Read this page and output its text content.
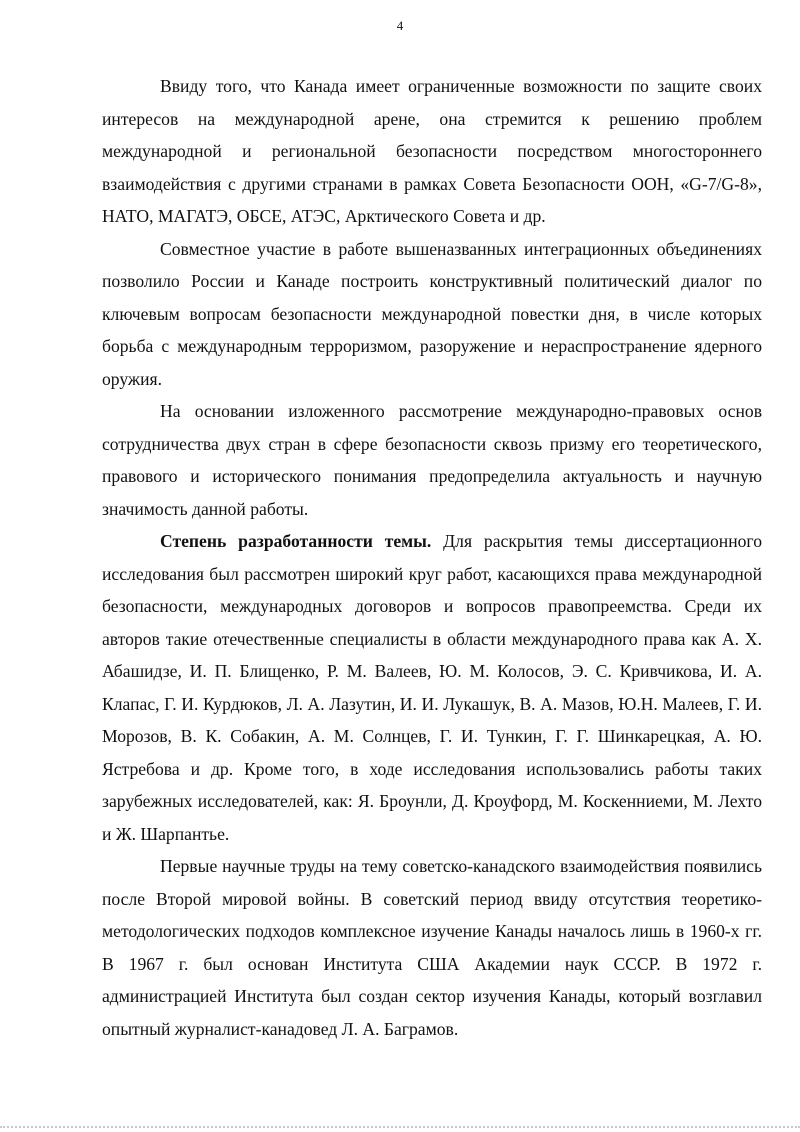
4

Ввиду того, что Канада имеет ограниченные возможности по защите своих интересов на международной арене, она стремится к решению проблем международной и региональной безопасности посредством многостороннего взаимодействия с другими странами в рамках Совета Безопасности ООН, «G-7/G-8», НАТО, МАГАТЭ, ОБСЕ, АТЭС, Арктического Совета и др.

Совместное участие в работе вышеназванных интеграционных объединениях позволило России и Канаде построить конструктивный политический диалог по ключевым вопросам безопасности международной повестки дня, в числе которых борьба с международным терроризмом, разоружение и нераспространение ядерного оружия.

На основании изложенного рассмотрение международно-правовых основ сотрудничества двух стран в сфере безопасности сквозь призму его теоретического, правового и исторического понимания предопределила актуальность и научную значимость данной работы.

Степень разработанности темы. Для раскрытия темы диссертационного исследования был рассмотрен широкий круг работ, касающихся права международной безопасности, международных договоров и вопросов правопреемства. Среди их авторов такие отечественные специалисты в области международного права как А. Х. Абашидзе, И. П. Блищенко, Р. М. Валеев, Ю. М. Колосов, Э. С. Кривчикова, И. А. Клапас, Г. И. Курдюков, Л. А. Лазутин, И. И. Лукашук, В. А. Мазов, Ю.Н. Малеев, Г. И. Морозов, В. К. Собакин, А. М. Солнцев, Г. И. Тункин, Г. Г. Шинкарецкая, А. Ю. Ястребова и др. Кроме того, в ходе исследования использовались работы таких зарубежных исследователей, как: Я. Броунли, Д. Кроуфорд, М. Коскенниеми, М. Лехто и Ж. Шарпантье.

Первые научные труды на тему советско-канадского взаимодействия появились после Второй мировой войны. В советский период ввиду отсутствия теоретико-методологических подходов комплексное изучение Канады началось лишь в 1960-х гг. В 1967 г. был основан Института США Академии наук СССР. В 1972 г. администрацией Института был создан сектор изучения Канады, который возглавил опытный журналист-канадовед Л. А. Баграмов.
